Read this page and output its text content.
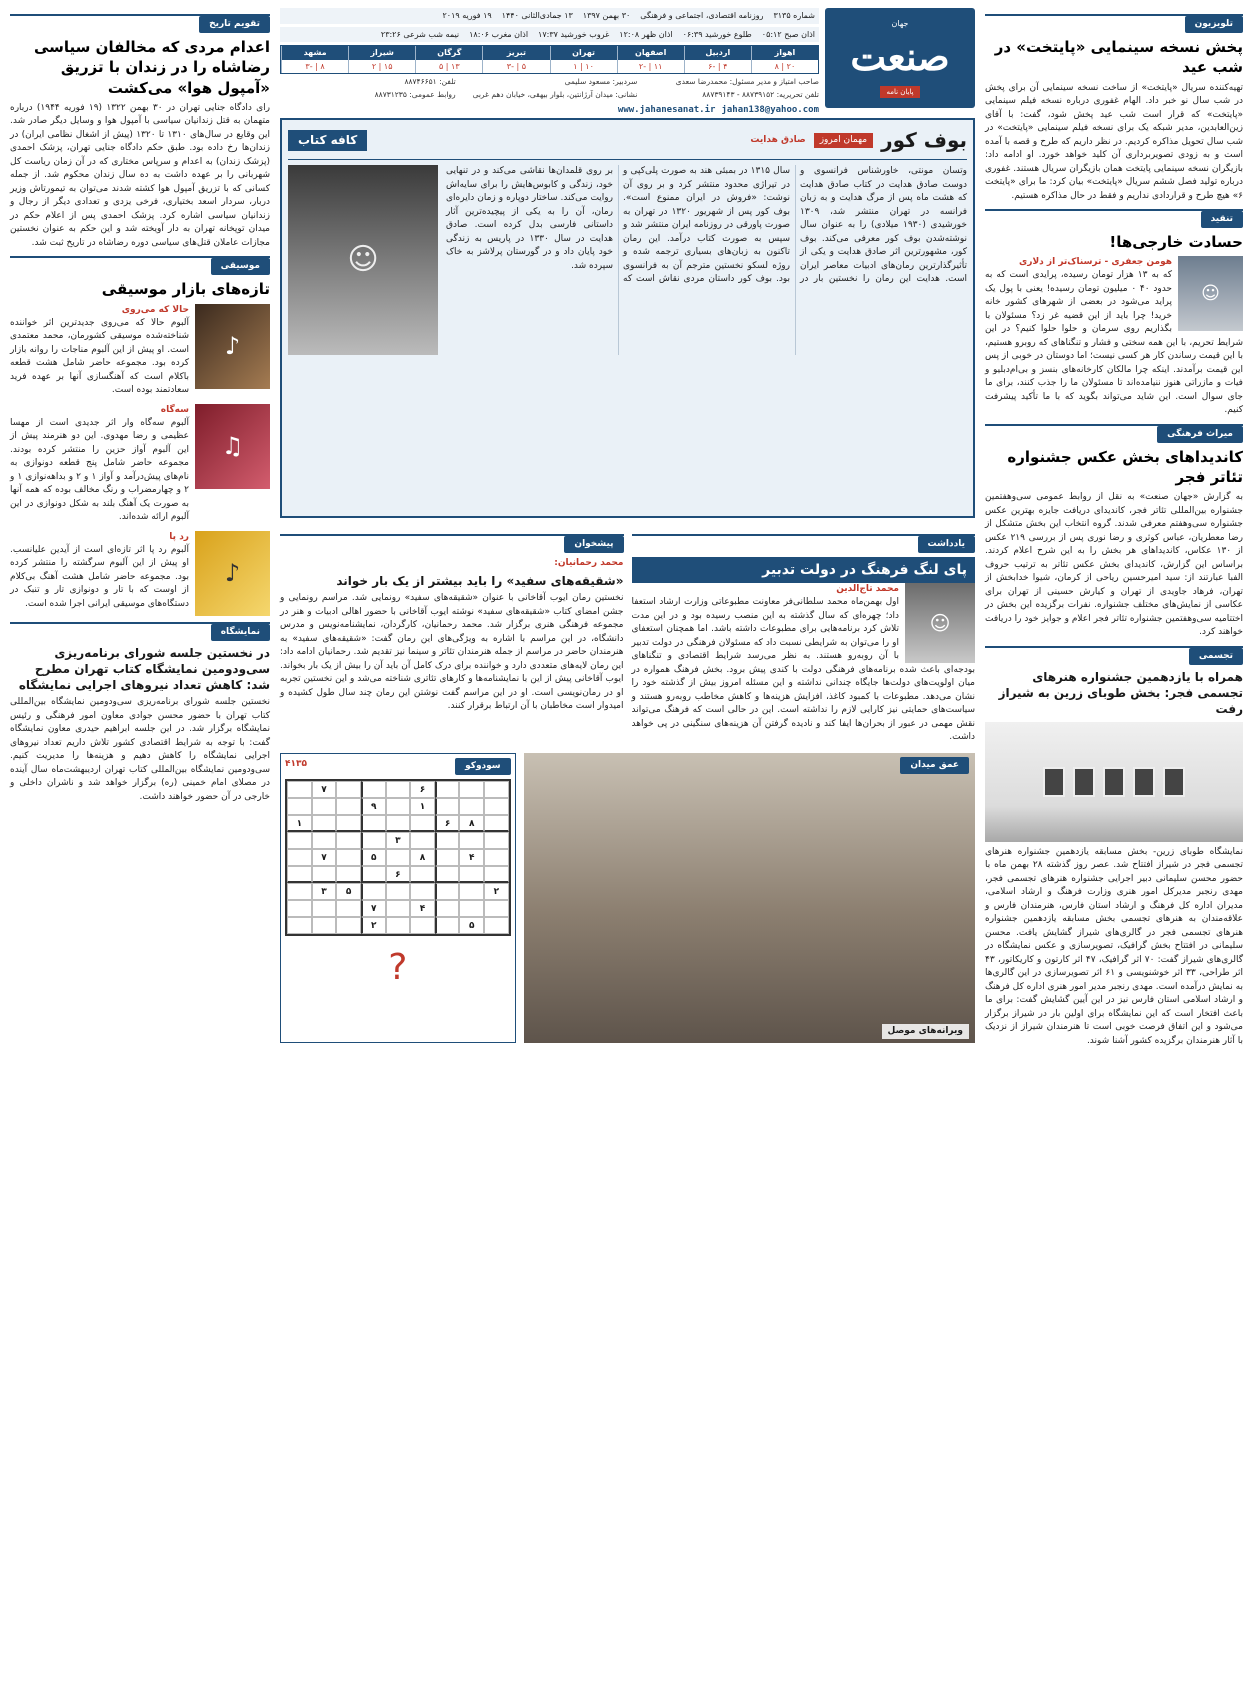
تلویزیون
پخش نسخه سینمایی «پایتخت» در شب عید

تهیه‌کننده سریال «پایتخت» از ساخت نسخه سینمایی آن برای پخش در شب سال نو خبر داد. الهام غفوری درباره نسخه فیلم سینمایی «پایتخت» که قرار است شب عید پخش شود، گفت: با آقای زین‌العابدین، مدیر شبکه یک برای نسخه فیلم سینمایی «پایتخت» در شب سال تحویل مذاکره کردیم. در نظر داریم که طرح و قصه با آمده است و به زودی تصویربرداری آن کلید خواهد خورد. او ادامه داد: بازیگران نسخه سینمایی پایتخت همان بازیگران سریال هستند. غفوری درباره تولید فصل ششم سریال «پایتخت» بیان کرد: ما برای «پایتخت ۶» هیچ طرح و قراردادی نداریم و فقط در حال مذاکره هستیم.

تنقید
حسادت خارجی‌ها!
☺
هومن جعفری - ترسناک‌تر از دلاری

که به ۱۳ هزار تومان رسیده، پرایدی است که به حدود ۴۰ ۰ میلیون تومان رسیده! یعنی با پول یک پراید می‌شود در بعضی از شهرهای کشور خانه خرید! چرا باید از این قضیه غر زد؟ مسئولان با بگذاریم روی سرمان و حلوا حلوا کنیم؟ در این شرایط تحریم، با این همه سختی و فشار و تنگناهای که روبرو هستیم، با این قیمت رساندن کار هر کسی نیست؛ اما دوستان در خوبی از پس این قیمت برآمدند. اینکه چرا مالکان کارخانه‌های بنسز و بی‌ام‌دبلیو و فیات و مازراتی هنوز ننیامده‌اند تا مسئولان ما را جذب کنند، برای ما جای سوال است. این شاید می‌تواند بگوید که با ما تأکید پیشرفت کنیم.

میراث فرهنگی
کاندیداهای بخش عکس جشنواره تئاتر فجر

به گزارش «جهان صنعت» به نقل از روابط عمومی سی‌وهفتمین جشنواره بین‌المللی تئاتر فجر، کاندیدای دریافت جایزه بهترین عکس جشنواره سی‌وهفتم معرفی شدند. گروه انتخاب این بخش متشکل از رضا معطریان، عباس کوثری و رضا نوری پس از بررسی ۲۱۹ عکس از ۱۳۰ عکاس، کاندیداهای هر بخش را به این شرح اعلام کردند. براساس این گزارش، کاندیدای بخش عکس تئاتر به ترتیب حروف الفبا عبارتند از: سید امیرحسین ریاحی از کرمان، شیوا خدابخش از تهران، فرهاد جاویدی از تهران و کیارش حسینی از تهران برای عکاسی از نمایش‌های مختلف جشنواره. نفرات برگزیده این بخش در اختتامیه سی‌وهفتمین جشنواره تئاتر فجر اعلام و جوایز خود را دریافت خواهند کرد.

تجسمی
همراه با یازدهمین جشنواره هنرهای تجسمی فجر: بخش طوبای زرین به شیراز رفت

نمایشگاه طوبای زرین- بخش مسابقه یازدهمین جشنواره هنرهای تجسمی فجر در شیراز افتتاح شد. عصر روز گذشته ۲۸ بهمن ماه با حضور محسن سلیمانی دبیر اجرایی جشنواره هنرهای تجسمی فجر، مهدی رنجبر مدیرکل امور هنری وزارت فرهنگ و ارشاد اسلامی، مدیران اداره کل فرهنگ و ارشاد استان فارس، هنرمندان فارس و علاقه‌مندان به هنرهای تجسمی بخش مسابقه یازدهمین جشنواره هنرهای تجسمی فجر در گالری‌های شیراز گشایش یافت. محسن سلیمانی در افتتاح بخش گرافیک، تصویرسازی و عکس نمایشگاه در گالری‌های شیراز گفت: ۷۰ اثر گرافیک، ۴۷ اثر کارتون و کاریکاتور، ۴۳ اثر طراحی، ۳۳ اثر خوشنویسی و ۶۱ اثر تصویرسازی در این گالری‌ها به نمایش درآمده است. مهدی رنجبر مدیر امور هنری اداره کل فرهنگ و ارشاد اسلامی استان فارس نیز در این آیین گشایش گفت: برای ما باعث افتخار است که این نمایشگاه برای اولین بار در شیراز برگزار می‌شود و این اتفاق فرصت خوبی است تا هنرمندان شیراز از نزدیک با آثار هنرمندان برگزیده کشور آشنا شوند.

تقویم تاریخ
اعدام مردی که مخالفان سیاسی رضاشاه را در زندان با تزریق «آمپول هوا» می‌کشت

رای دادگاه جنایی تهران در ۳۰ بهمن ۱۳۲۲ (۱۹ فوریه ۱۹۴۴) درباره متهمان به قتل زندانیان سیاسی با آمپول هوا و وسایل دیگر صادر شد. این وقایع در سال‌های ۱۳۱۰ تا ۱۳۲۰ (پیش از اشغال نظامی ایران) در زندان‌ها رخ داده بود. طبق حکم دادگاه جنایی تهران، پزشک احمدی (پزشک زندان) به اعدام و سرپاس مختاری که در آن زمان ریاست کل شهربانی را بر عهده داشت به ده سال زندان محکوم شد. از جمله کسانی که با تزریق آمپول هوا کشته شدند می‌توان به تیمورتاش وزیر دربار، سردار اسعد بختیاری، فرخی یزدی و تعدادی دیگر از رجال و زندانیان سیاسی اشاره کرد. پزشک احمدی پس از اعلام حکم در میدان توپخانه تهران به دار آویخته شد و این حکم به عنوان نخستین مجازات عاملان قتل‌های سیاسی دوره رضاشاه در تاریخ ثبت شد.

موسیقی
تازه‌های بازار موسیقی
♪
حالا که می‌روی

آلبوم حالا که می‌روی جدیدترین اثر خواننده شناخته‌شده موسیقی کشورمان، محمد معتمدی است. او پیش از این آلبوم مناجات را روانه بازار کرده بود. مجموعه حاضر شامل هشت قطعه باکلام است که آهنگسازی آنها بر عهده فرید سعادتمند بوده است.

♫
سه‌گاه

آلبوم سه‌گاه وار اثر جدیدی است از مهسا عظیمی و رضا مهدوی. این دو هنرمند پیش از این آلبوم آواز حزین را منتشر کرده بودند. مجموعه حاضر شامل پنج قطعه دونوازی به نام‌های پیش‌درآمد و آواز ۱ و ۲ و بداهه‌نوازی ۱ و ۲ و چهارمضراب و رنگ مخالف بوده که همه آنها به صورت یک آهنگ بلند به شکل دونوازی در این آلبوم ارائه شده‌اند.

♪
رد پا

آلبوم رد پا اثر تازه‌ای است از آیدین علیانسب. او پیش از این آلبوم سرگشته را منتشر کرده بود. مجموعه حاضر شامل هشت آهنگ بی‌کلام از اوست که با تار و دونوازی تار و تنبک در دستگاه‌های موسیقی ایرانی اجرا شده است.

نمایشگاه
در نخستین جلسه شورای برنامه‌ریزی سی‌ودومین نمایشگاه کتاب تهران مطرح شد: کاهش تعداد نیروهای اجرایی نمایشگاه

نخستین جلسه شورای برنامه‌ریزی سی‌ودومین نمایشگاه بین‌المللی کتاب تهران با حضور محسن جوادی معاون امور فرهنگی و رئیس نمایشگاه برگزار شد. در این جلسه ابراهیم حیدری معاون نمایشگاه گفت: با توجه به شرایط اقتصادی کشور تلاش داریم تعداد نیروهای اجرایی نمایشگاه را کاهش دهیم و هزینه‌ها را مدیریت کنیم. سی‌ودومین نمایشگاه بین‌المللی کتاب تهران اردیبهشت‌ماه سال آینده در مصلای امام خمینی (ره) برگزار خواهد شد و ناشران داخلی و خارجی در آن حضور خواهند داشت.

جهان
صنعت
پایان نامه
شماره ۳۱۳۵
روزنامه اقتصادی، اجتماعی و فرهنگی
۳۰ بهمن ۱۳۹۷
۱۳ جمادی‌الثانی ۱۴۴۰
۱۹ فوریه ۲۰۱۹
اذان صبح ۰۵:۱۲
طلوع خورشید ۰۶:۳۹
اذان ظهر ۱۲:۰۸
غروب خورشید ۱۷:۳۷
اذان مغرب ۱۸:۰۶
نیمه شب شرعی ۲۳:۲۶
اهواز
اردبیل
اصفهان
تهران
تبریز
گرگان
شیراز
مشهد
۲۰ | ۸
۴ | -۶
۱۱ | -۲
۱۰ | ۱
۵ | -۳
۱۳ | ۵
۱۵ | ۲
۸ | -۳
صاحب امتیاز و مدیر مسئول: محمدرضا سعدی
سردبیر: مسعود سلیمی
تلفن: ۸۸۷۴۶۶۵۱
تلفن تحریریه: ۸۸۷۳۹۱۵۲ - ۸۸۷۳۹۱۴۳
نشانی: میدان آرژانتین، بلوار بیهقی، خیابان دهم غربی
روابط عمومی: ۸۸۷۳۱۲۳۵
jahan138@yahoo.com
www.jahanesanat.ir
بوف کور
مهمان امروز
صادق هدایت
کافه کتاب

وتسان مونتی، خاورشناس فرانسوی و دوست صادق هدایت در کتاب صادق هدایت که هشت ماه پس از مرگ هدایت و به زبان فرانسه در تهران منتشر شد، ۱۳۰۹ خورشیدی (۱۹۳۰ میلادی) را به عنوان سال نوشته‌شدن بوف کور معرفی می‌کند. بوف کور، مشهورترین اثر صادق هدایت و یکی از تأثیرگذارترین رمان‌های ادبیات معاصر ایران است. هدایت این رمان را نخستین بار در سال ۱۳۱۵ در بمبئی هند به صورت پلی‌کپی و در تیراژی محدود منتشر کرد و بر روی آن نوشت: «فروش در ایران ممنوع است». بوف کور پس از شهریور ۱۳۲۰ در تهران به صورت پاورقی در روزنامه ایران منتشر شد و سپس به صورت کتاب درآمد. این رمان تاکنون به زبان‌های بسیاری ترجمه شده و روژه لسکو نخستین مترجم آن به فرانسوی بود. بوف کور داستان مردی نقاش است که بر روی قلمدان‌ها نقاشی می‌کند و در تنهایی خود، زندگی و کابوس‌هایش را برای سایه‌اش روایت می‌کند. ساختار دوپاره و زمان دایره‌ای رمان، آن را به یکی از پیچیده‌ترین آثار داستانی فارسی بدل کرده است. صادق هدایت در سال ۱۳۳۰ در پاریس به زندگی خود پایان داد و در گورستان پرلاشز به خاک سپرده شد.

☺
یادداشت
پای لنگ فرهنگ در دولت تدبیر
☺
محمد تاج‌الدین

اول بهمن‌ماه محمد سلطانی‌فر معاونت مطبوعاتی وزارت ارشاد استعفا داد؛ چهره‌ای که سال گذشته به این منصب رسیده بود و در این مدت تلاش کرد برنامه‌هایی برای مطبوعات داشته باشد. اما همچنان استعفای او را می‌توان به شرایطی نسبت داد که مسئولان فرهنگی در دولت تدبیر با آن روبه‌رو هستند. به نظر می‌رسد شرایط اقتصادی و تنگناهای بودجه‌ای باعث شده برنامه‌های فرهنگی دولت با کندی پیش برود. بخش فرهنگ همواره در میان اولویت‌های دولت‌ها جایگاه چندانی نداشته و این مسئله امروز بیش از گذشته خود را نشان می‌دهد. مطبوعات با کمبود کاغذ، افزایش هزینه‌ها و کاهش مخاطب روبه‌رو هستند و سیاست‌های حمایتی نیز کارایی لازم را نداشته است. این در حالی است که فرهنگ می‌تواند نقش مهمی در عبور از بحران‌ها ایفا کند و نادیده گرفتن آن هزینه‌های سنگینی در پی خواهد داشت.

پیشخوان
محمد رحمانیان:
«شقیقه‌های سفید» را باید بیشتر از یک بار خواند

نخستین رمان ایوب آقاخانی با عنوان «شقیقه‌های سفید» رونمایی شد. مراسم رونمایی و جشن امضای کتاب «شقیقه‌های سفید» نوشته ایوب آقاخانی با حضور اهالی ادبیات و هنر در مجموعه فرهنگی هنری برگزار شد. محمد رحمانیان، کارگردان، نمایشنامه‌نویس و مدرس دانشگاه، در این مراسم با اشاره به ویژگی‌های این رمان گفت: «شقیقه‌های سفید» به هنرمندان حاضر در مراسم از جمله هنرمندان تئاتر و سینما نیز تقدیم شد. رحمانیان ادامه داد: این رمان لایه‌های متعددی دارد و خواننده برای درک کامل آن باید آن را بیش از یک بار بخواند. ایوب آقاخانی پیش از این با نمایشنامه‌ها و کارهای تئاتری شناخته می‌شد و این نخستین تجربه او در رمان‌نویسی است. او در این مراسم گفت نوشتن این رمان چند سال طول کشیده و امیدوار است مخاطبان با آن ارتباط برقرار کنند.

عمق میدان
ویرانه‌های موصل
سودوکو
۴۱۳۵
۶
۷
۱
۹
۸
۶
۱
۳
۴
۸
۵
۷
۶
۲
۵
۳
۴
۷
۵
۲
?
